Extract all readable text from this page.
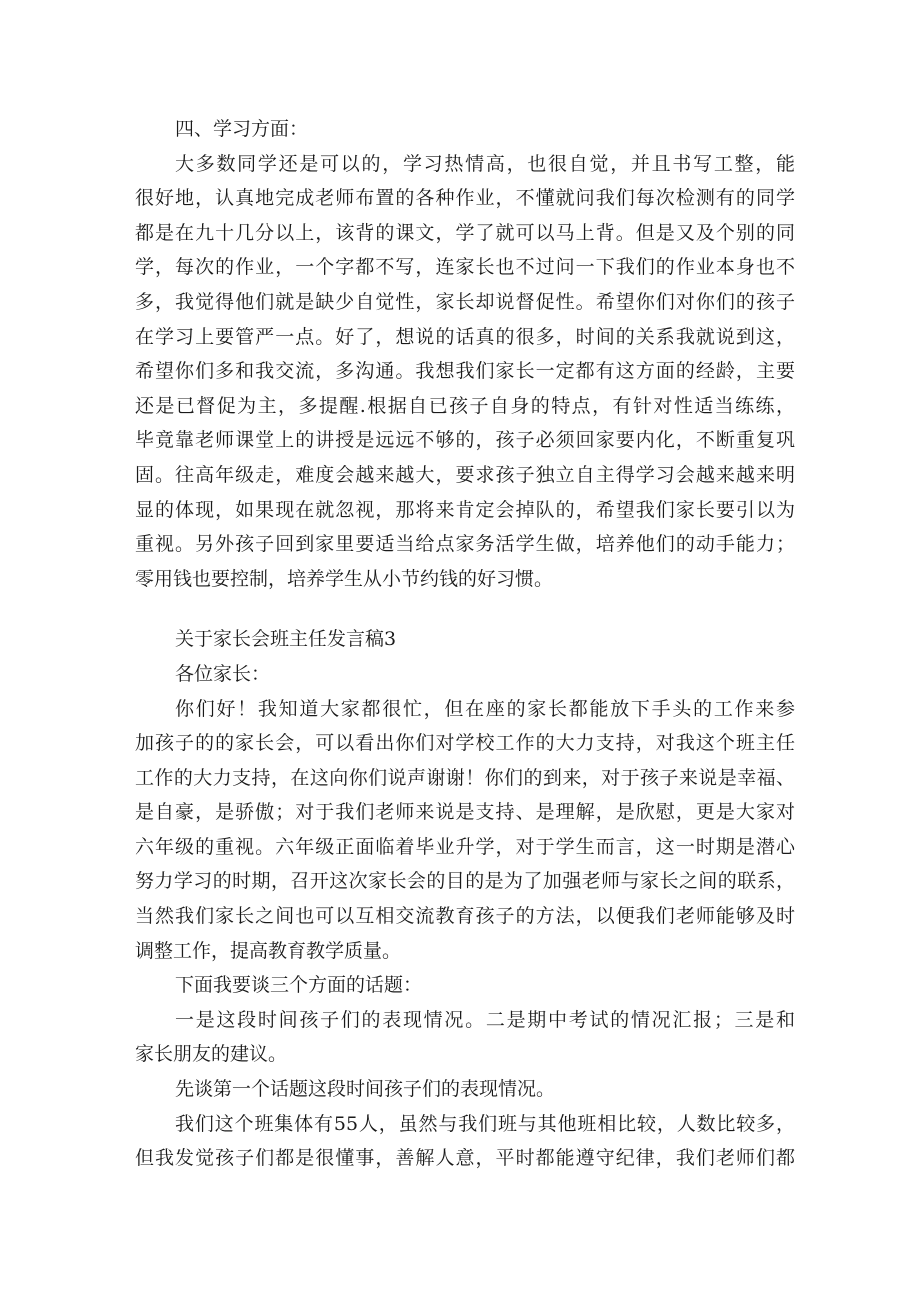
四、学习方面：
大多数同学还是可以的，学习热情高，也很自觉，并且书写工整，能
很好地，认真地完成老师布置的各种作业，不懂就问我们每次检测有的同学
都是在九十几分以上，该背的课文，学了就可以马上背。但是又及个别的同
学，每次的作业，一个字都不写，连家长也不过问一下我们的作业本身也不
多，我觉得他们就是缺少自觉性，家长却说督促性。希望你们对你们的孩子
在学习上要管严一点。好了，想说的话真的很多，时间的关系我就说到这，
希望你们多和我交流，多沟通。我想我们家长一定都有这方面的经龄，主要
还是已督促为主，多提醒.根据自已孩子自身的特点，有针对性适当练练，
毕竟靠老师课堂上的讲授是远远不够的，孩子必须回家要内化，不断重复巩
固。往高年级走，难度会越来越大，要求孩子独立自主得学习会越来越来明
显的体现，如果现在就忽视，那将来肯定会掉队的，希望我们家长要引以为
重视。另外孩子回到家里要适当给点家务活学生做，培养他们的动手能力；
零用钱也要控制，培养学生从小节约钱的好习惯。
关于家长会班主任发言稿3
各位家长：
你们好！我知道大家都很忙，但在座的家长都能放下手头的工作来参
加孩子的的家长会，可以看出你们对学校工作的大力支持，对我这个班主任
工作的大力支持，在这向你们说声谢谢！你们的到来，对于孩子来说是幸福、
是自豪，是骄傲；对于我们老师来说是支持、是理解，是欣慰，更是大家对
六年级的重视。六年级正面临着毕业升学，对于学生而言，这一时期是潜心
努力学习的时期，召开这次家长会的目的是为了加强老师与家长之间的联系，
当然我们家长之间也可以互相交流教育孩子的方法，以便我们老师能够及时
调整工作，提高教育教学质量。
下面我要谈三个方面的话题：
一是这段时间孩子们的表现情况。二是期中考试的情况汇报；三是和
家长朋友的建议。
先谈第一个话题这段时间孩子们的表现情况。
我们这个班集体有55人，虽然与我们班与其他班相比较，人数比较多，
但我发觉孩子们都是很懂事，善解人意，平时都能遵守纪律，我们老师们都
